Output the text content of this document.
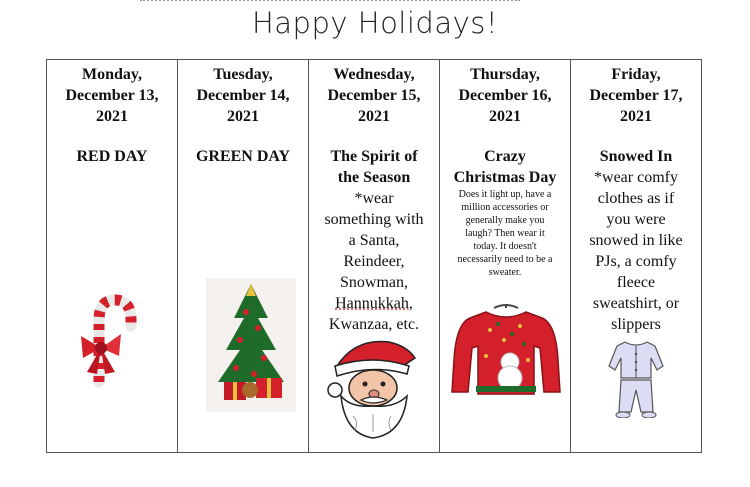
Happy Holidays!
Monday,
December 13,
2021
RED DAY

Tuesday,
December 14,
2021
GREEN DAY

Wednesday,
December 15,
2021
The Spirit of
the Season
*wear
something with
a Santa,
Reindeer,
Snowman,
Hannukkah,
Kwanzaa, etc.

Thursday,
December 16,
2021
Crazy
Christmas Day
Does it light up, have a
million accessories or
generally make you
laugh? Then wear it
today. It doesn't
necessarily need to be a
sweater.

Friday,
December 17,
2021
Snowed In
*wear comfy
clothes as if
you were
snowed in like
PJs, a comfy
fleece
sweatshirt, or
slippers
